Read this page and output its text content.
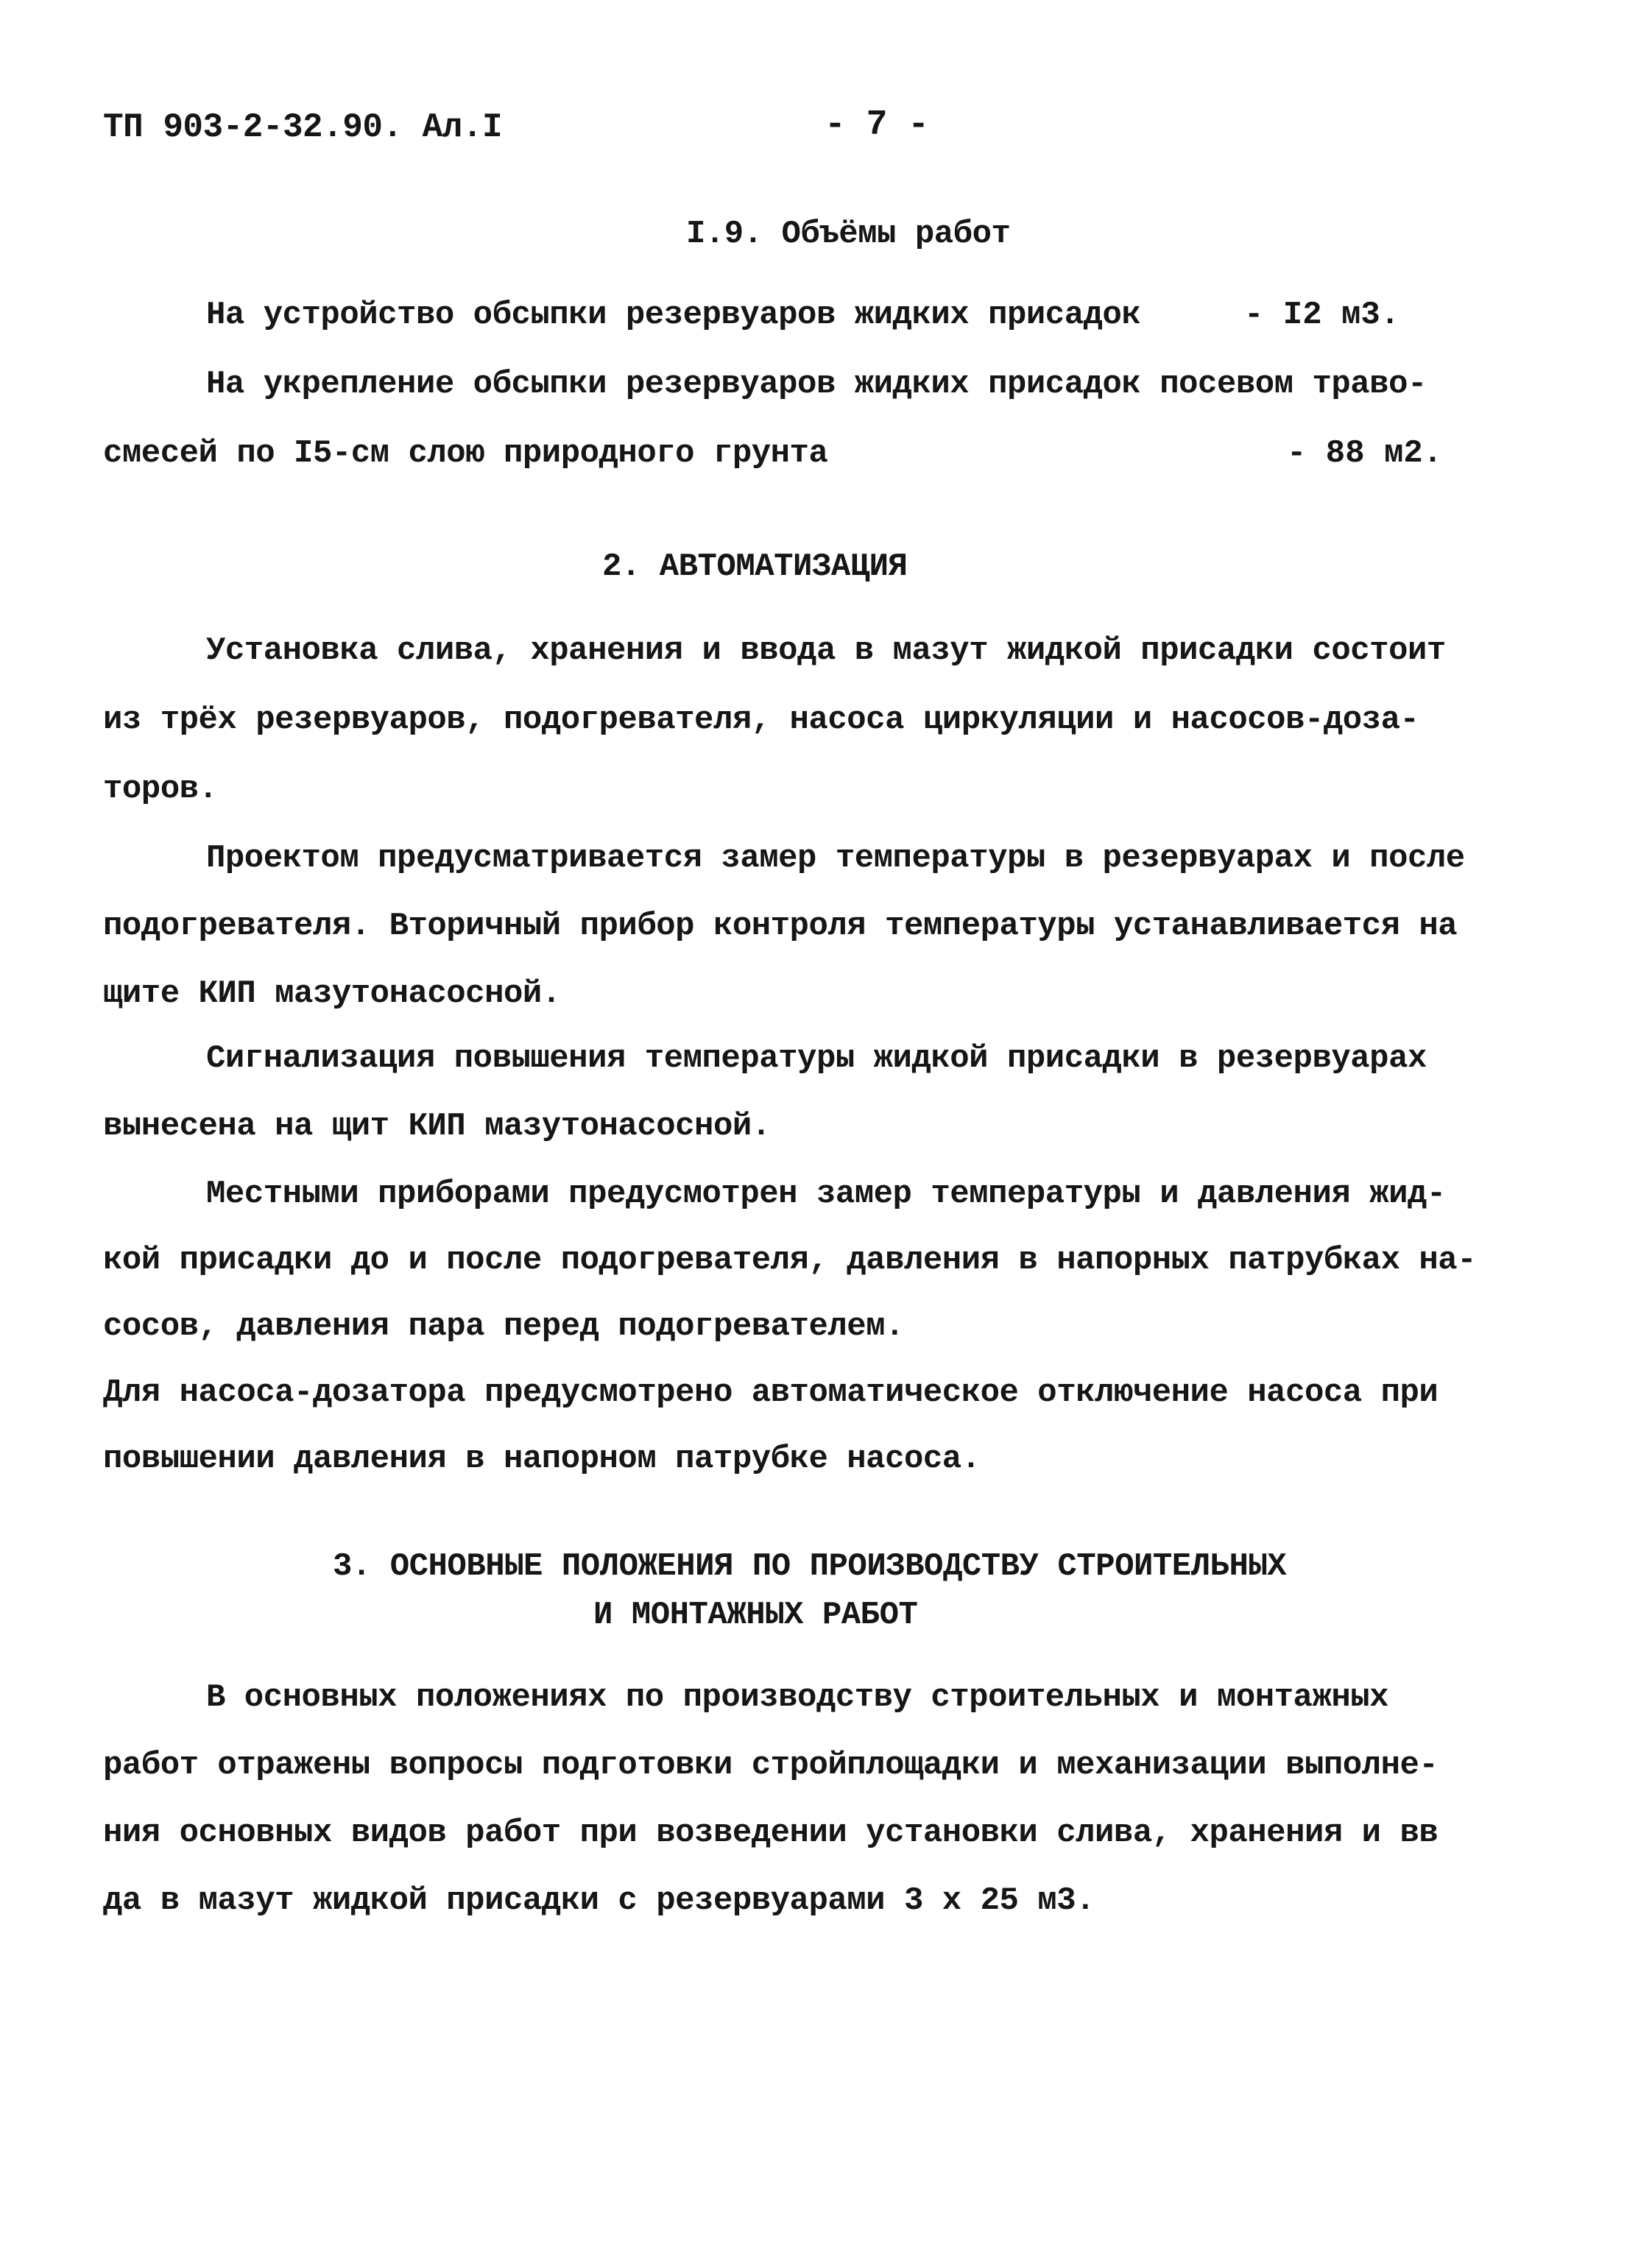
ТП 903-2-32.90. Ал.I	- 7 -
I.9. Объёмы работ
На устройство обсыпки резервуаров жидких присадок	- I2 м3.
На укрепление обсыпки резервуаров жидких присадок посевом траво-
смесей по I5-см слою природного грунта	- 88 м2.
2. АВТОМАТИЗАЦИЯ
Установка слива, хранения и ввода в мазут жидкой присадки состоит
из трёх резервуаров, подогревателя, насоса циркуляции и насосов-доза-
торов.
Проектом предусматривается замер температуры в резервуарах и после
подогревателя. Вторичный прибор контроля температуры устанавливается на
щите КИП мазутонасосной.
Сигнализация повышения температуры жидкой присадки в резервуарах
вынесена на щит КИП мазутонасосной.
Местными приборами предусмотрен замер температуры и давления жид-
кой присадки до и после подогревателя, давления в напорных патрубках на-
сосов, давления пара перед подогревателем.
Для насоса-дозатора предусмотрено автоматическое отключение насоса при
повышении давления в напорном патрубке насоса.
3. ОСНОВНЫЕ ПОЛОЖЕНИЯ ПО ПРОИЗВОДСТВУ СТРОИТЕЛЬНЫХ
И МОНТАЖНЫХ РАБОТ
В основных положениях по производству строительных и монтажных
работ отражены вопросы подготовки стройплощадки и механизации выполне-
ния основных видов работ при возведении установки слива, хранения и вв
да в мазут жидкой присадки с резервуарами 3 х 25 м3.
